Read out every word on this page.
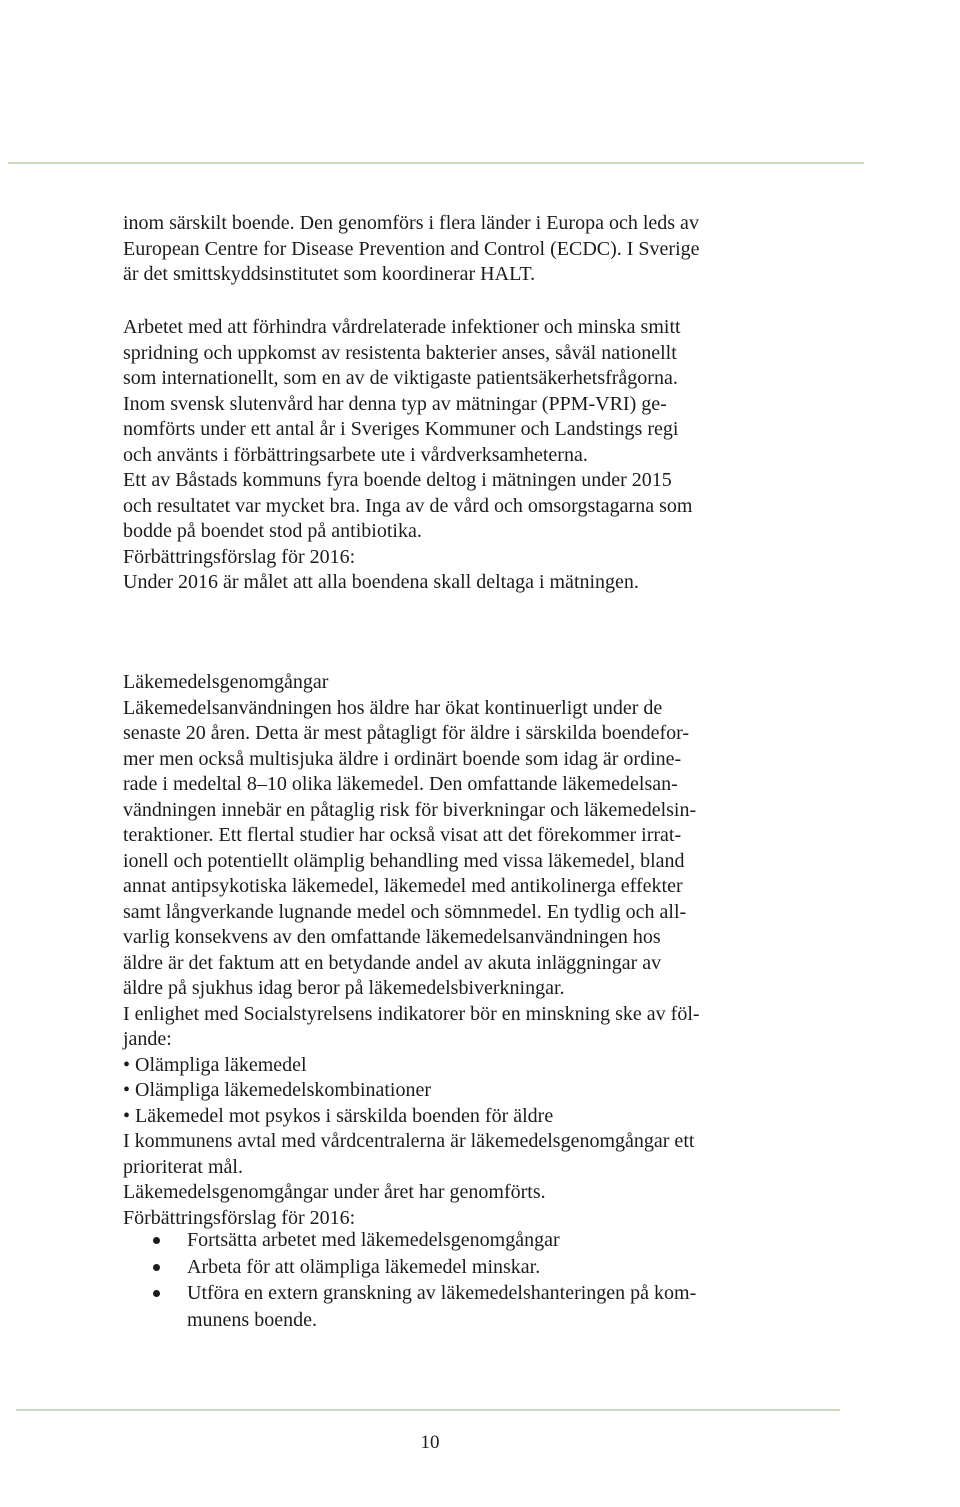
inom särskilt boende. Den genomförs i flera länder i Europa och leds av

European Centre for Disease Prevention and Control (ECDC). I Sverige

är det smittskyddsinstitutet som koordinerar HALT.

Arbetet med att förhindra vårdrelaterade infektioner och minska smitt

spridning och uppkomst av resistenta bakterier anses, såväl nationellt

som internationellt, som en av de viktigaste patientsäkerhetsfrågorna.

Inom svensk slutenvård har denna typ av mätningar (PPM-VRI) ge-

nomförts under ett antal år i Sveriges Kommuner och Landstings regi

och använts i förbättringsarbete ute i vårdverksamheterna.

Ett av Båstads kommuns fyra boende deltog i mätningen under 2015

och resultatet var mycket bra. Inga av de vård och omsorgstagarna som

bodde på boendet stod på antibiotika.

Förbättringsförslag för 2016:

Under 2016 är målet att alla boendena skall deltaga i mätningen.

Läkemedelsgenomgångar

Läkemedelsanvändningen hos äldre har ökat kontinuerligt under de

senaste 20 åren. Detta är mest påtagligt för äldre i särskilda boendefor-

mer men också multisjuka äldre i ordinärt boende som idag är ordine-

rade i medeltal 8–10 olika läkemedel. Den omfattande läkemedelsan-

vändningen innebär en påtaglig risk för biverkningar och läkemedelsin-

teraktioner. Ett flertal studier har också visat att det förekommer irrat-

ionell och potentiellt olämplig behandling med vissa läkemedel, bland

annat antipsykotiska läkemedel, läkemedel med antikolinerga effekter

samt långverkande lugnande medel och sömnmedel. En tydlig och all-

varlig konsekvens av den omfattande läkemedelsanvändningen hos

äldre är det faktum att en betydande andel av akuta inläggningar av

äldre på sjukhus idag beror på läkemedelsbiverkningar.

I enlighet med Socialstyrelsens indikatorer bör en minskning ske av föl-

jande:

• Olämpliga läkemedel

• Olämpliga läkemedelskombinationer

• Läkemedel mot psykos i särskilda boenden för äldre

I kommunens avtal med vårdcentralerna är läkemedelsgenomgångar ett

prioriterat mål.

Läkemedelsgenomgångar under året har genomförts.

Förbättringsförslag för 2016:

Fortsätta arbetet med läkemedelsgenomgångar
Arbeta för att olämpliga läkemedel minskar.
Utföra en extern granskning av läkemedelshanteringen på kom-
munens boende.
10
